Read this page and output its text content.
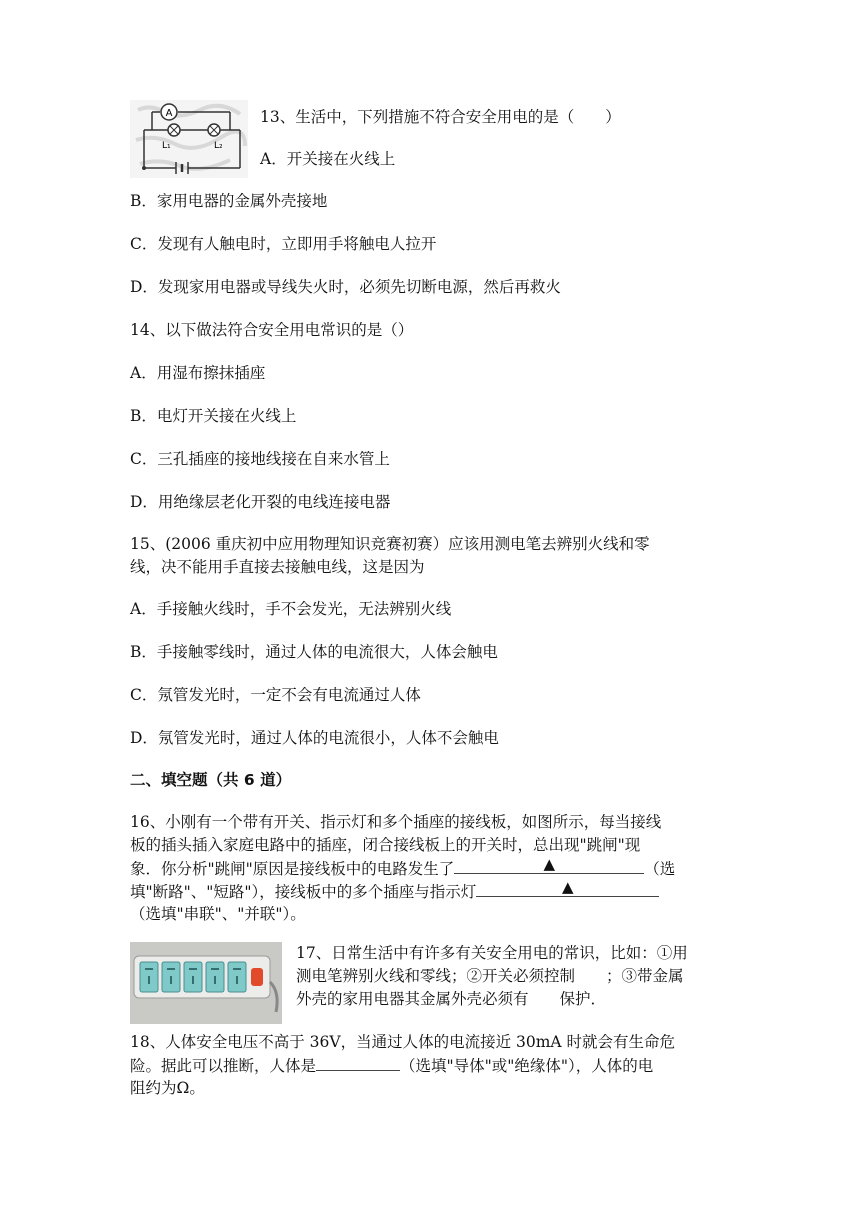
A
L₁	L₂
13、生活中，下列措施不符合安全用电的是（　　）
A．开关接在火线上
B．家用电器的金属外壳接地
C．发现有人触电时，立即用手将触电人拉开
D．发现家用电器或导线失火时，必须先切断电源，然后再救火
14、以下做法符合安全用电常识的是（）
A．用湿布擦抹插座
B．电灯开关接在火线上
C．三孔插座的接地线接在自来水管上
D．用绝缘层老化开裂的电线连接电器
15、(2006 重庆初中应用物理知识竞赛初赛）应该用测电笔去辨别火线和零
线，决不能用手直接去接触电线，这是因为
A．手接触火线时，手不会发光，无法辨别火线
B．手接触零线时，通过人体的电流很大，人体会触电
C．氖管发光时，一定不会有电流通过人体
D．氖管发光时，通过人体的电流很小，人体不会触电
二、填空题（共 6 道）
16、小刚有一个带有开关、指示灯和多个插座的接线板，如图所示，每当接线
板的插头插入家庭电路中的插座，闭合接线板上的开关时，总出现"跳闸"现
象．你分析"跳闸"原因是接线板中的电路发生了	▲	（选
填"断路"、"短路"），接线板中的多个插座与指示灯	▲
（选填"串联"、"并联"）。
17、日常生活中有许多有关安全用电的常识，比如：①用
测电笔辨别火线和零线；②开关必须控制　　；③带金属
外壳的家用电器其金属外壳必须有　　保护．
18、人体安全电压不高于 36V，当通过人体的电流接近 30mA 时就会有生命危
险。据此可以推断，人体是	（选填"导体"或"绝缘体"），人体的电
阻约为Ω。
